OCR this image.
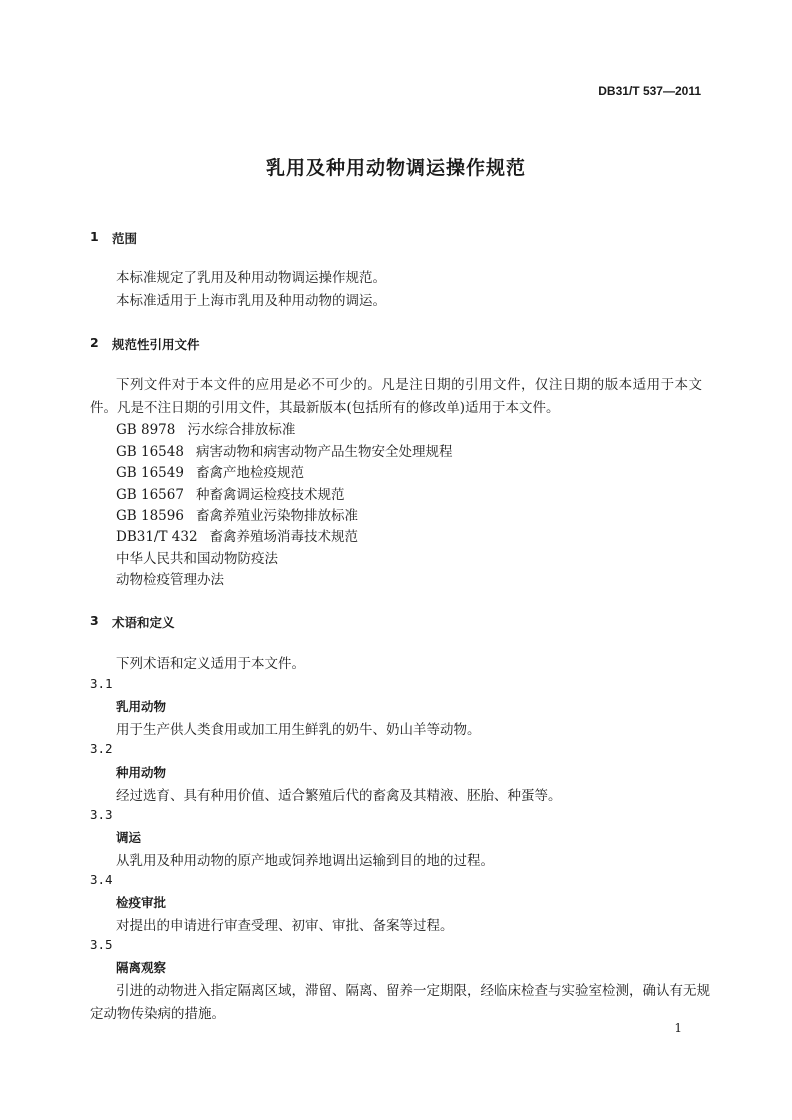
DB31/T 537—2011
乳用及种用动物调运操作规范
1 范围
本标准规定了乳用及种用动物调运操作规范。
本标准适用于上海市乳用及种用动物的调运。
2 规范性引用文件
下列文件对于本文件的应用是必不可少的。凡是注日期的引用文件，仅注日期的版本适用于本文
件。凡是不注日期的引用文件，其最新版本(包括所有的修改单)适用于本文件。
GB 8978 污水综合排放标准
GB 16548 病害动物和病害动物产品生物安全处理规程
GB 16549 畜禽产地检疫规范
GB 16567 种畜禽调运检疫技术规范
GB 18596 畜禽养殖业污染物排放标准
DB31/T 432 畜禽养殖场消毒技术规范
中华人民共和国动物防疫法
动物检疫管理办法
3 术语和定义
下列术语和定义适用于本文件。
3.1
乳用动物
用于生产供人类食用或加工用生鲜乳的奶牛、奶山羊等动物。
3.2
种用动物
经过选育、具有种用价值、适合繁殖后代的畜禽及其精液、胚胎、种蛋等。
3.3
调运
从乳用及种用动物的原产地或饲养地调出运输到目的地的过程。
3.4
检疫审批
对提出的申请进行审查受理、初审、审批、备案等过程。
3.5
隔离观察
引进的动物进入指定隔离区域，滞留、隔离、留养一定期限，经临床检查与实验室检测，确认有无规
定动物传染病的措施。
1
